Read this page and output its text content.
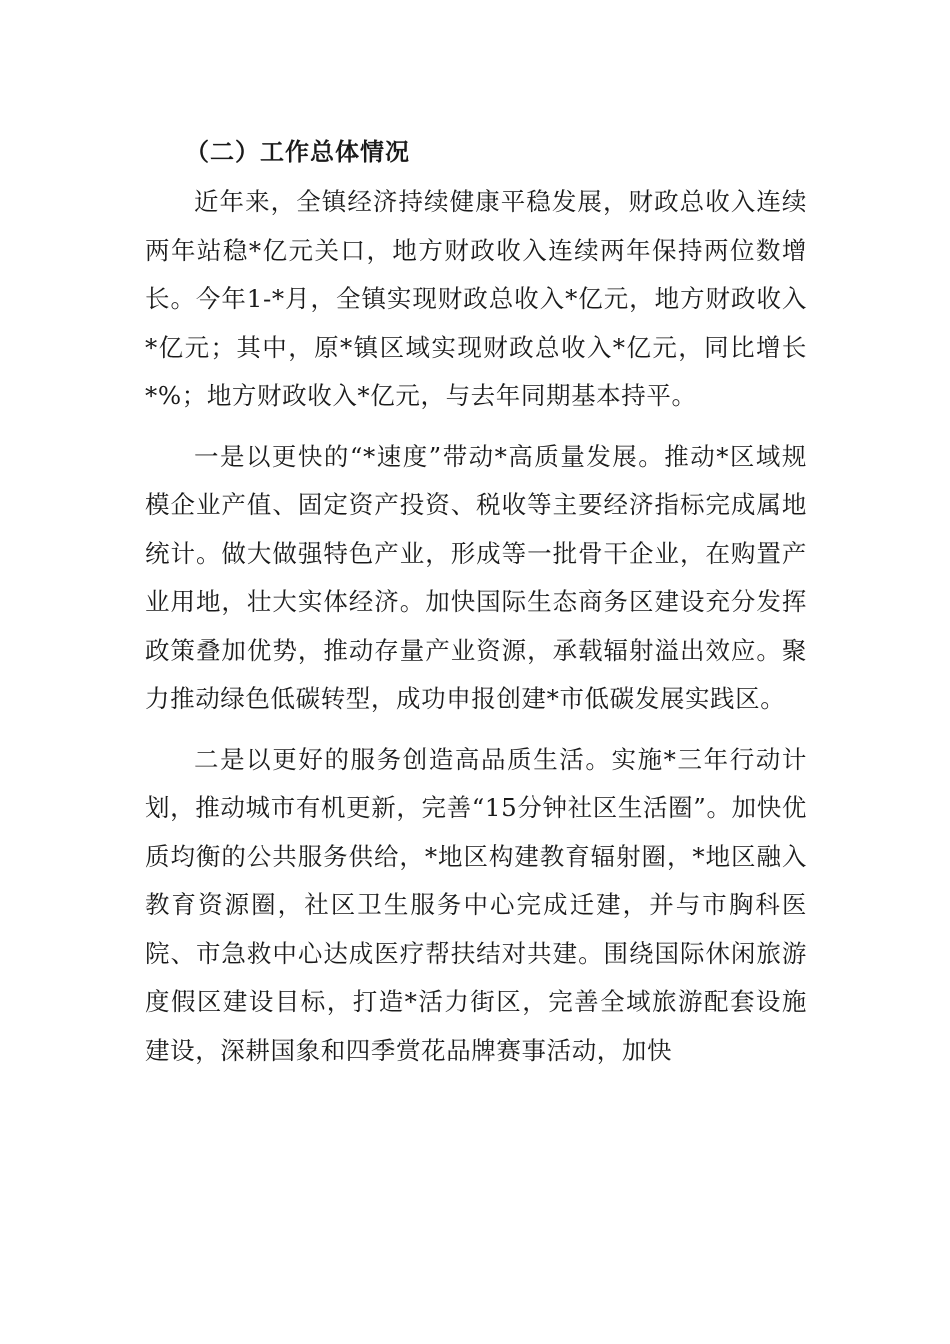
（二）工作总体情况

近年来，全镇经济持续健康平稳发展，财政总收入连续两年站稳*亿元关口，地方财政收入连续两年保持两位数增长。今年1-*月，全镇实现财政总收入*亿元，地方财政收入*亿元；其中，原*镇区域实现财政总收入*亿元，同比增长*%；地方财政收入*亿元，与去年同期基本持平。

一是以更快的“*速度”带动*高质量发展。推动*区域规模企业产值、固定资产投资、税收等主要经济指标完成属地统计。做大做强特色产业，形成等一批骨干企业，在购置产业用地，壮大实体经济。加快国际生态商务区建设充分发挥政策叠加优势，推动存量产业资源，承载辐射溢出效应。聚力推动绿色低碳转型，成功申报创建*市低碳发展实践区。

二是以更好的服务创造高品质生活。实施*三年行动计划，推动城市有机更新，完善“15分钟社区生活圈”。加快优质均衡的公共服务供给，*地区构建教育辐射圈，*地区融入教育资源圈，社区卫生服务中心完成迁建，并与市胸科医院、市急救中心达成医疗帮扶结对共建。围绕国际休闲旅游度假区建设目标，打造*活力街区，完善全域旅游配套设施建设，深耕国象和四季赏花品牌赛事活动，加快
